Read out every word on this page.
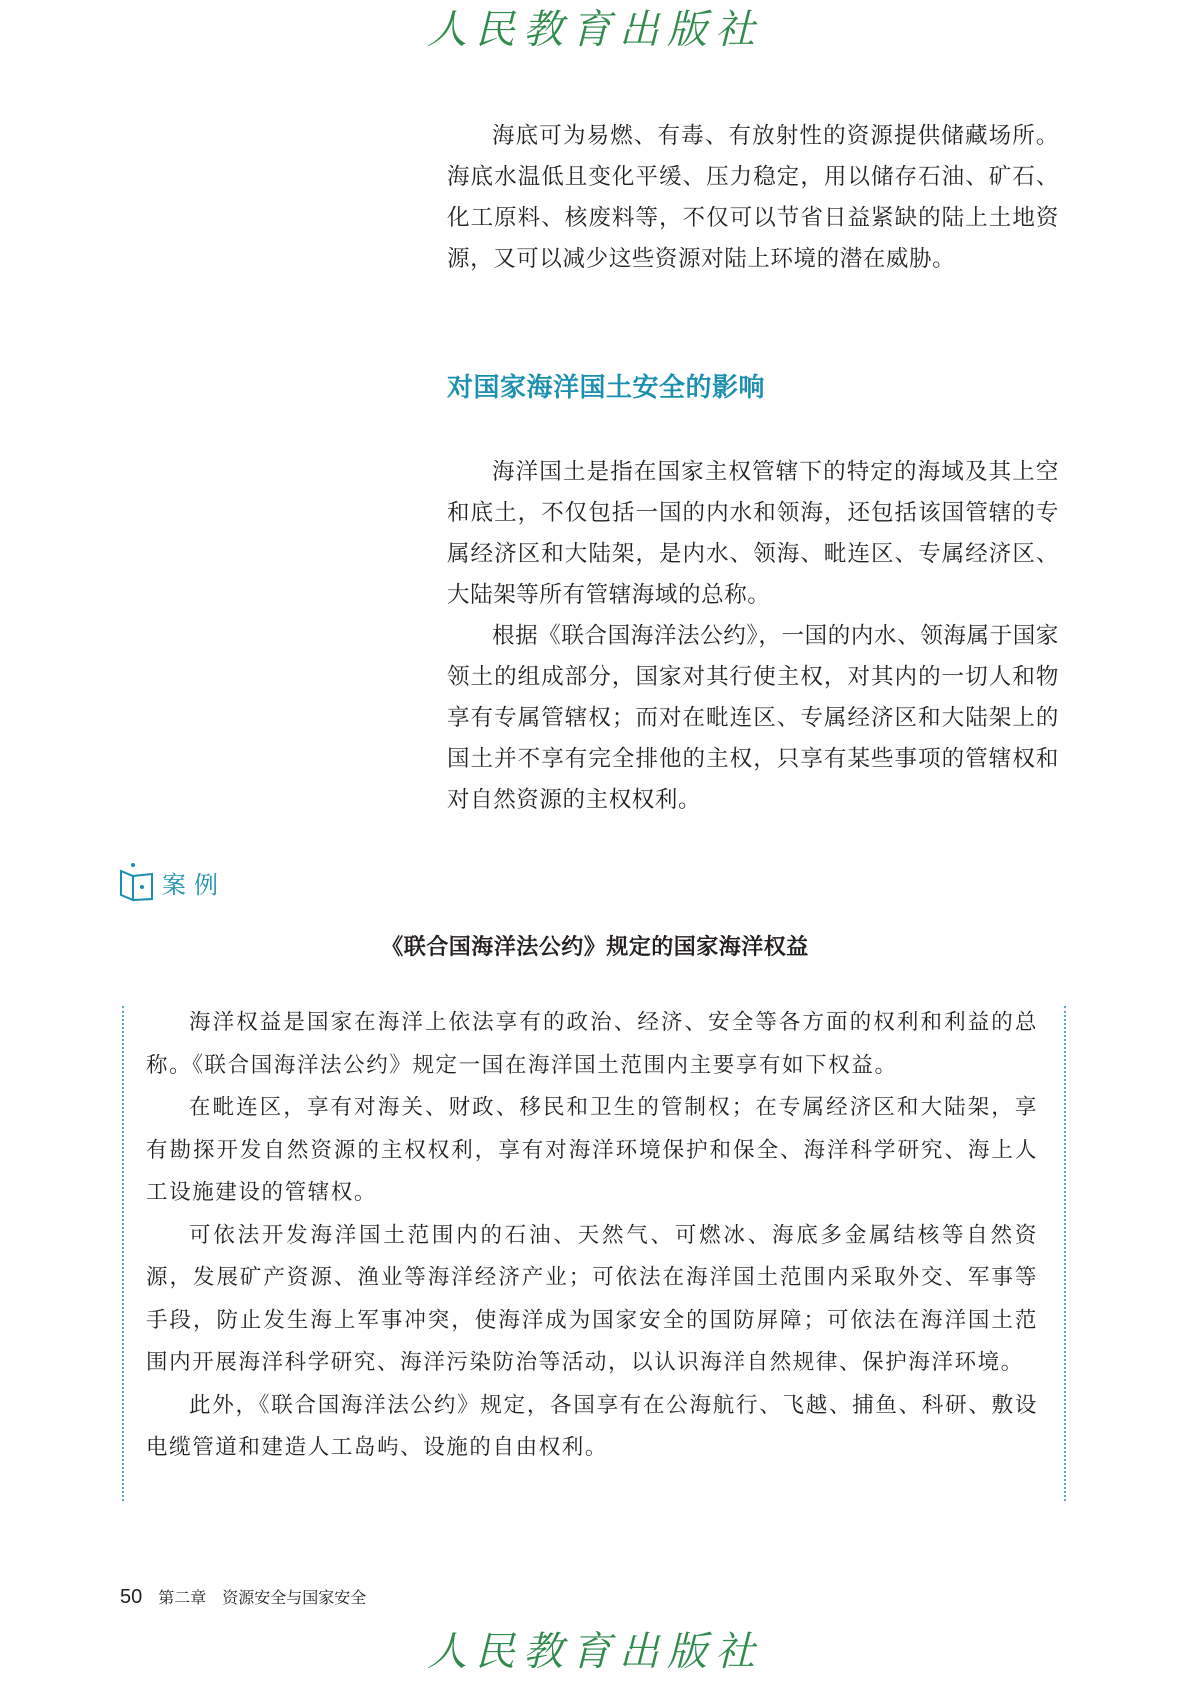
人民教育出版社

海底可为易燃、有毒、有放射性的资源提供储藏场所。海底水温低且变化平缓、压力稳定，用以储存石油、矿石、化工原料、核废料等，不仅可以节省日益紧缺的陆上土地资源，又可以减少这些资源对陆上环境的潜在威胁。

对国家海洋国土安全的影响

海洋国土是指在国家主权管辖下的特定的海域及其上空和底土，不仅包括一国的内水和领海，还包括该国管辖的专属经济区和大陆架，是内水、领海、毗连区、专属经济区、大陆架等所有管辖海域的总称。

根据《联合国海洋法公约》，一国的内水、领海属于国家领土的组成部分，国家对其行使主权，对其内的一切人和物享有专属管辖权；而对在毗连区、专属经济区和大陆架上的国土并不享有完全排他的主权，只享有某些事项的管辖权和对自然资源的主权权利。

案例
《联合国海洋法公约》规定的国家海洋权益

海洋权益是国家在海洋上依法享有的政治、经济、安全等各方面的权利和利益的总称。《联合国海洋法公约》规定一国在海洋国土范围内主要享有如下权益。

在毗连区，享有对海关、财政、移民和卫生的管制权；在专属经济区和大陆架，享有勘探开发自然资源的主权权利，享有对海洋环境保护和保全、海洋科学研究、海上人工设施建设的管辖权。

可依法开发海洋国土范围内的石油、天然气、可燃冰、海底多金属结核等自然资源，发展矿产资源、渔业等海洋经济产业；可依法在海洋国土范围内采取外交、军事等手段，防止发生海上军事冲突，使海洋成为国家安全的国防屏障；可依法在海洋国土范围内开展海洋科学研究、海洋污染防治等活动，以认识海洋自然规律、保护海洋环境。

此外，《联合国海洋法公约》规定，各国享有在公海航行、飞越、捕鱼、科研、敷设电缆管道和建造人工岛屿、设施的自由权利。

50 第二章　资源安全与国家安全
人民教育出版社
